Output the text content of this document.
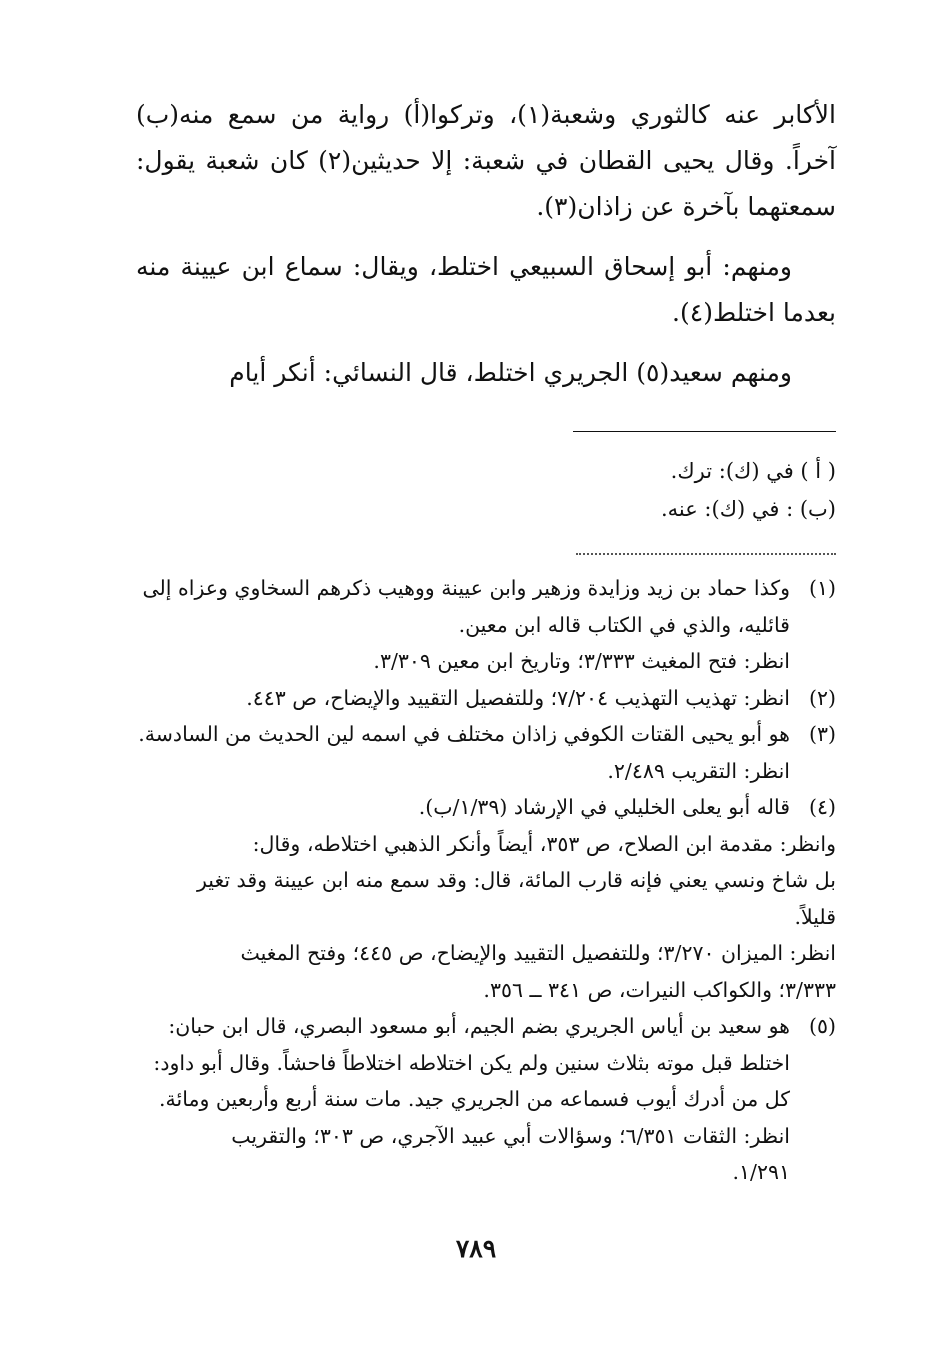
الأكابر عنه كالثوري وشعبة(١)، وتركوا(أ) رواية من سمع منه(ب) آخراً. وقال يحيى القطان في شعبة: إلا حديثين(٢) كان شعبة يقول: سمعتهما بآخرة عن زاذان(٣).

ومنهم: أبو إسحاق السبيعي اختلط، ويقال: سماع ابن عيينة منه بعدما اختلط(٤).

ومنهم سعيد(٥) الجريري اختلط، قال النسائي: أنكر أيام

( أ ) في (ك): ترك.
(ب) : في (ك): عنه.
(١)
وكذا حماد بن زيد وزايدة وزهير وابن عيينة ووهيب ذكرهم السخاوي وعزاه إلى
قائليه، والذي في الكتاب قاله ابن معين.
انظر: فتح المغيث ٣/٣٣٣؛ وتاريخ ابن معين ٣/٣٠٩.
(٢)
انظر: تهذيب التهذيب ٧/٢٠٤؛ وللتفصيل التقييد والإيضاح، ص ٤٤٣.
(٣)
هو أبو يحيى القتات الكوفي زاذان مختلف في اسمه لين الحديث من السادسة.
انظر: التقريب ٢/٤٨٩.
(٤)
قاله أبو يعلى الخليلي في الإرشاد (١/٣٩/ب).
وانظر: مقدمة ابن الصلاح، ص ٣٥٣، أيضاً وأنكر الذهبي اختلاطه، وقال:
بل شاخ ونسي يعني فإنه قارب المائة، قال: وقد سمع منه ابن عيينة وقد تغير
قليلاً.
انظر: الميزان ٣/٢٧٠؛ وللتفصيل التقييد والإيضاح، ص ٤٤٥؛ وفتح المغيث
٣/٣٣٣؛ والكواكب النيرات، ص ٣٤١ ــ ٣٥٦.
(٥)
هو سعيد بن أياس الجريري بضم الجيم، أبو مسعود البصري، قال ابن حبان:
اختلط قبل موته بثلاث سنين ولم يكن اختلاطه اختلاطاً فاحشاً. وقال أبو داود:
كل من أدرك أيوب فسماعه من الجريري جيد. مات سنة أربع وأربعين ومائة.
انظر: الثقات ٦/٣٥١؛ وسؤالات أبي عبيد الآجري، ص ٣٠٣؛ والتقريب
١/٢٩١.
٧٨٩
